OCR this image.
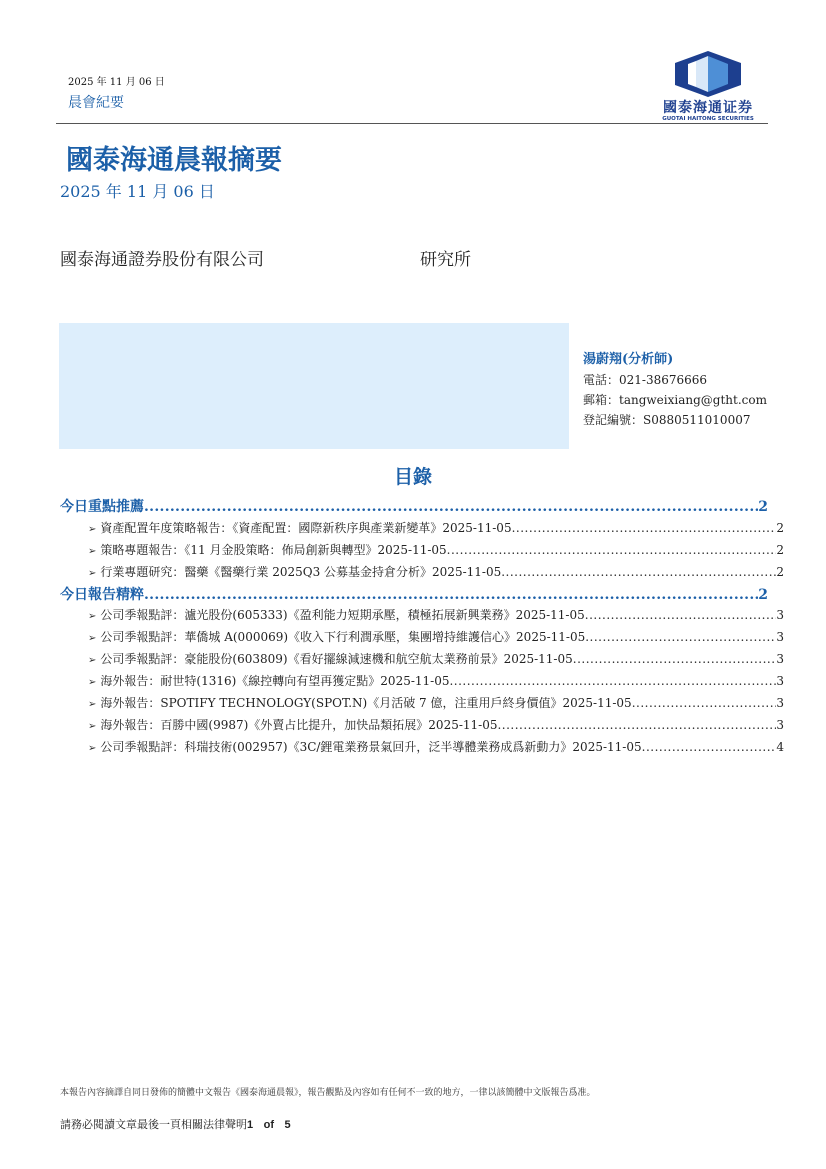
2025 年 11 月 06 日
晨會紀要	國泰海通证券
GUOTAI HAITONG SECURITIES
國泰海通晨報摘要
2025 年 11 月 06 日
國泰海通證券股份有限公司	研究所
湯蔚翔(分析師)
電話：021-38676666
郵箱：tangweixiang@gtht.com
登記編號：S0880511010007
目錄
今日重點推薦 .....	2
➢ 資產配置年度策略報告：《資產配置：國際新秩序與產業新變革》2025-11-05 .....	2
➢ 策略專題報告：《11 月金股策略：佈局創新與轉型》2025-11-05 .....	2
➢ 行業專題研究：醫藥《醫藥行業 2025Q3 公募基金持倉分析》2025-11-05 .....	2
今日報告精粹 .....	2
➢ 公司季報點評：瀘光股份(605333)《盈利能力短期承壓，積極拓展新興業務》2025-11-05 .....	3
➢ 公司季報點評：華僑城 A(000069)《收入下行利潤承壓，集團增持維護信心》2025-11-05 .....	3
➢ 公司季報點評：豪能股份(603809)《看好擺線減速機和航空航太業務前景》2025-11-05 .....	3
➢ 海外報告：耐世特(1316)《線控轉向有望再獲定點》2025-11-05 .....	3
➢ 海外報告：SPOTIFY TECHNOLOGY(SPOT.N)《月活破 7 億，注重用戶終身價值》2025-11-05 .....	3
➢ 海外報告：百勝中國(9987)《外賣占比提升，加快品類拓展》2025-11-05 .....	3
➢ 公司季報點評：科瑞技術(002957)《3C/鋰電業務景氣回升，泛半導體業務成爲新動力》2025-11-05 .....	4
本報告內容摘譯自同日發佈的簡體中文報告《國泰海通晨報》，報告觀點及內容如有任何不一致的地方，一律以該簡體中文版報告爲准。
請務必閱讀文章最後一頁相關法律聲明1 of 5
